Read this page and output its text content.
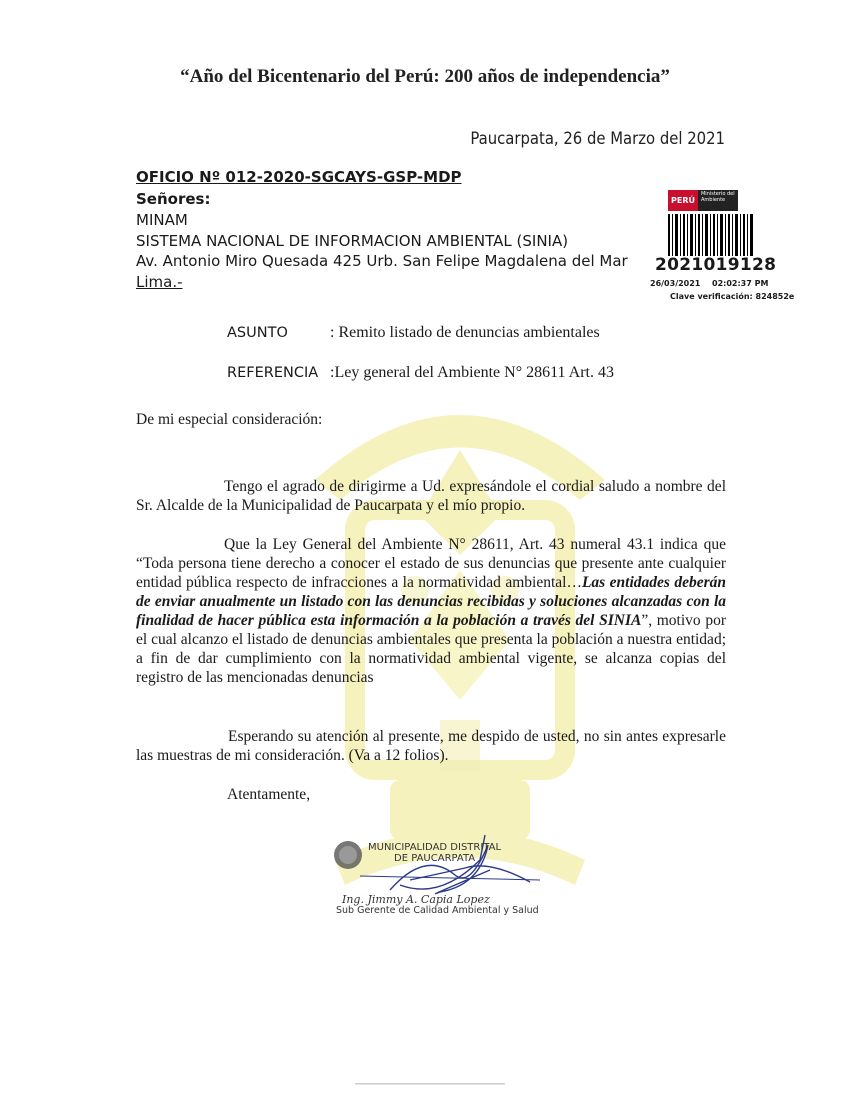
“Año del Bicentenario del Perú: 200 años de independencia”
Paucarpata, 26 de Marzo del 2021
OFICIO Nº 012-2020-SGCAYS-GSP-MDP
Señores:
MINAM
SISTEMA NACIONAL DE INFORMACION AMBIENTAL (SINIA)
Av. Antonio Miro Quesada 425 Urb. San Felipe Magdalena del Mar
Lima.-
PERÚ
Ministerio del Ambiente
2021019128
26/03/2021 02:02:37 PM
Clave verificación: 824852e
ASUNTO	: Remito listado de denuncias ambientales
REFERENCIA :Ley general del Ambiente N° 28611 Art. 43
De mi especial consideración:
Tengo el agrado de dirigirme a Ud. expresándole el cordial saludo a nombre del Sr. Alcalde de la Municipalidad de Paucarpata y el mío propio.
Que la Ley General del Ambiente N° 28611, Art. 43 numeral 43.1 indica que “Toda persona tiene derecho a conocer el estado de sus denuncias que presente ante cualquier entidad pública respecto de infracciones a la normatividad ambiental…Las entidades deberán de enviar anualmente un listado con las denuncias recibidas y soluciones alcanzadas con la finalidad de hacer pública esta información a la población a través del SINIA”, motivo por el cual alcanzo el listado de denuncias ambientales que presenta la población a nuestra entidad; a fin de dar cumplimiento con la normatividad ambiental vigente, se alcanza copias del registro de las mencionadas denuncias
Esperando su atención al presente, me despido de usted, no sin antes expresarle las muestras de mi consideración. (Va a 12 folios).
Atentamente,
MUNICIPALIDAD DISTRITAL
DE PAUCARPATA
Ing. Jimmy A. Capia Lopez
Sub Gerente de Calidad Ambiental y Salud
